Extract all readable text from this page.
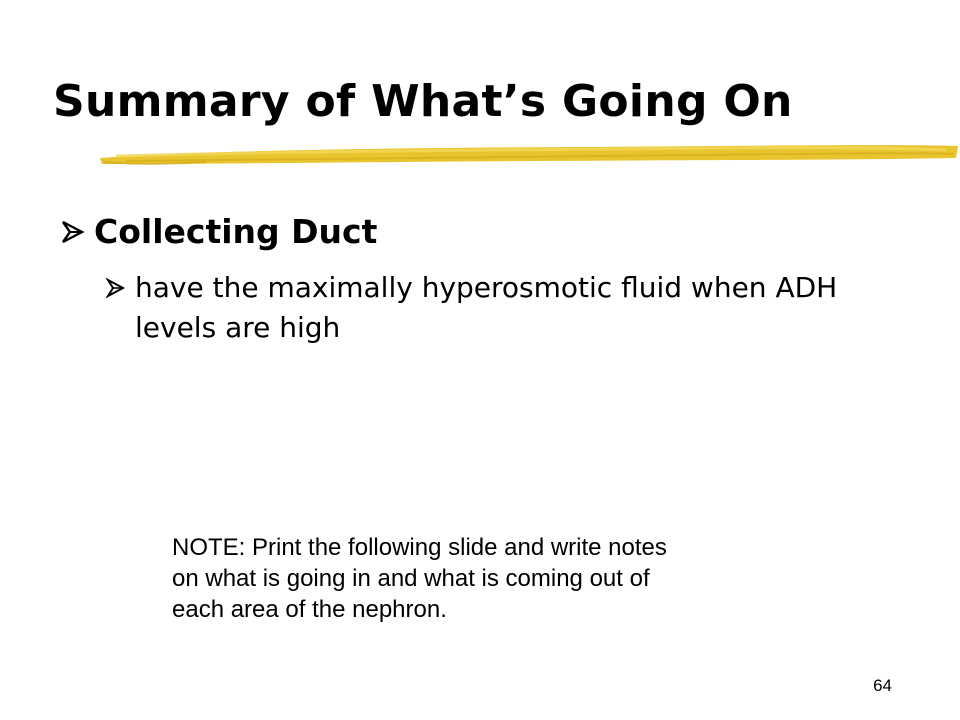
Summary of What’s Going On
Collecting Duct
have the maximally hyperosmotic fluid when ADH levels are high
NOTE: Print the following slide and write notes on what is going in and what is coming out of each area of the nephron.
64
